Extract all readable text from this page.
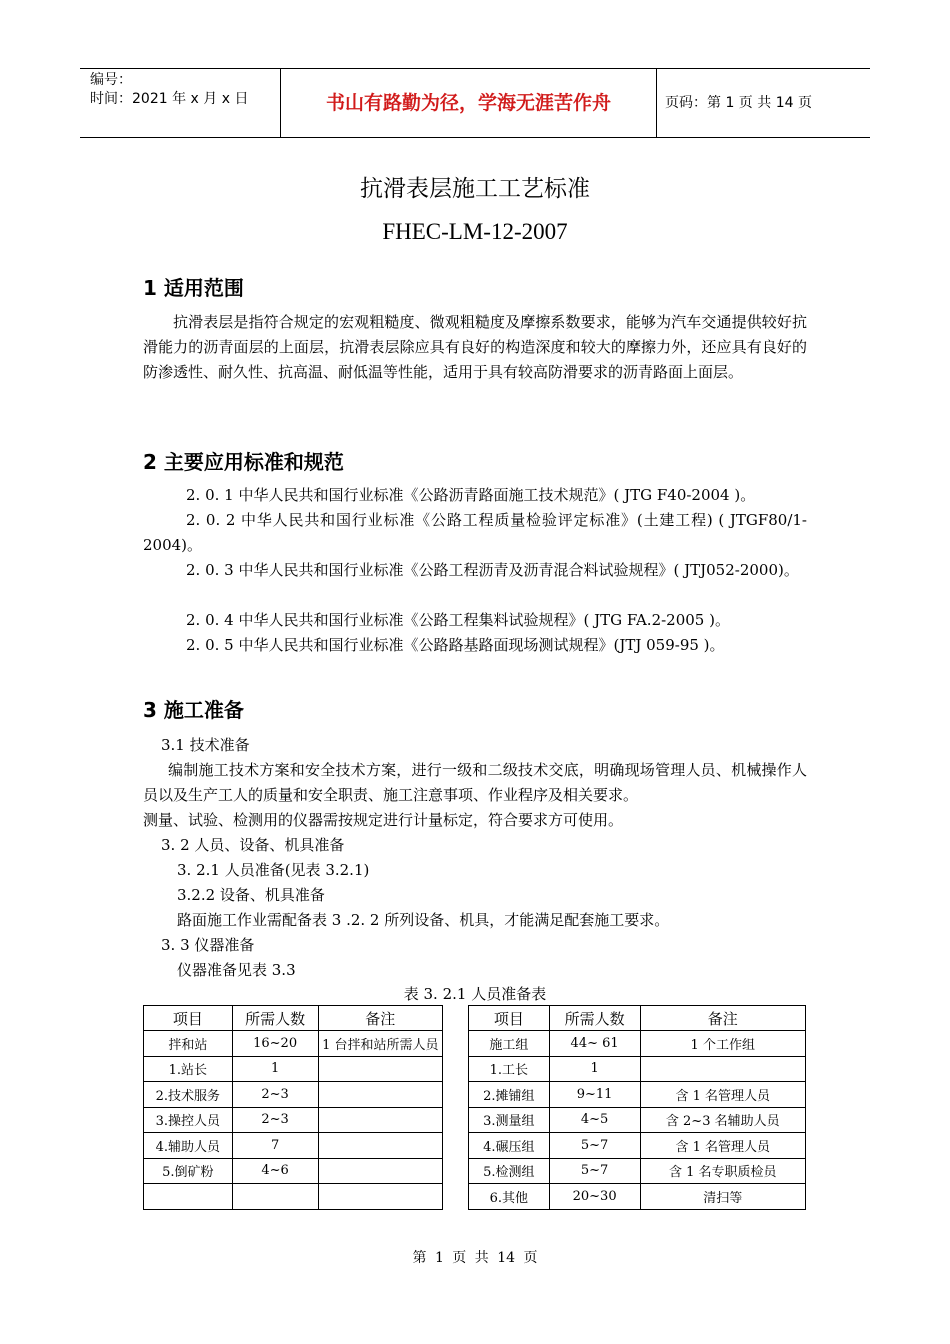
编号：
时间：2021 年 x 月 x 日	书山有路勤为径，学海无涯苦作舟	页码：第 1 页 共 14 页
抗滑表层施工工艺标准
FHEC-LM-12-2007
1 适用范围

抗滑表层是指符合规定的宏观粗糙度、微观粗糙度及摩擦系数要求，能够为汽车交通提供较好抗滑能力的沥青面层的上面层，抗滑表层除应具有良好的构造深度和较大的摩擦力外，还应具有良好的防渗透性、耐久性、抗高温、耐低温等性能，适用于具有较高防滑要求的沥青路面上面层。

2 主要应用标准和规范
2. 0. 1 中华人民共和国行业标准《公路沥青路面施工技术规范》( JTG F40-2004 )。

2. 0. 2 中华人民共和国行业标准《公路工程质量检验评定标准》(土建工程) ( JTGF80/1-2004)。

2. 0. 3 中华人民共和国行业标准《公路工程沥青及沥青混合料试验规程》( JTJ052-2000)。

2. 0. 4 中华人民共和国行业标准《公路工程集料试验规程》( JTG FA.2-2005 )。
2. 0. 5 中华人民共和国行业标准《公路路基路面现场测试规程》(JTJ 059-95 )。
3 施工准备
3.1 技术准备

编制施工技术方案和安全技术方案，进行一级和二级技术交底，明确现场管理人员、机械操作人员以及生产工人的质量和安全职责、施工注意事项、作业程序及相关要求。

测量、试验、检测用的仪器需按规定进行计量标定，符合要求方可使用。
3. 2 人员、设备、机具准备
3. 2.1 人员准备(见表 3.2.1)
3.2.2 设备、机具准备
路面施工作业需配备表 3 .2. 2 所列设备、机具，才能满足配套施工要求。
3. 3 仪器准备
仪器准备见表 3.3
表 3. 2.1 人员准备表
项目	所需人数	备注		项目	所需人数	备注
拌和站	16~20	1 台拌和站所需人员		施工组	44~ 61	1 个工作组
1.站长	1			1.工长	1	
2.技术服务	2~3			2.摊铺组	9~11	含 1 名管理人员
3.操控人员	2~3			3.测量组	4~5	含 2~3 名辅助人员
4.辅助人员	7			4.碾压组	5~7	含 1 名管理人员
5.倒矿粉	4~6			5.检测组	5~7	含 1 名专职质检员
				6.其他	20~30	清扫等
第 1 页 共 14 页
